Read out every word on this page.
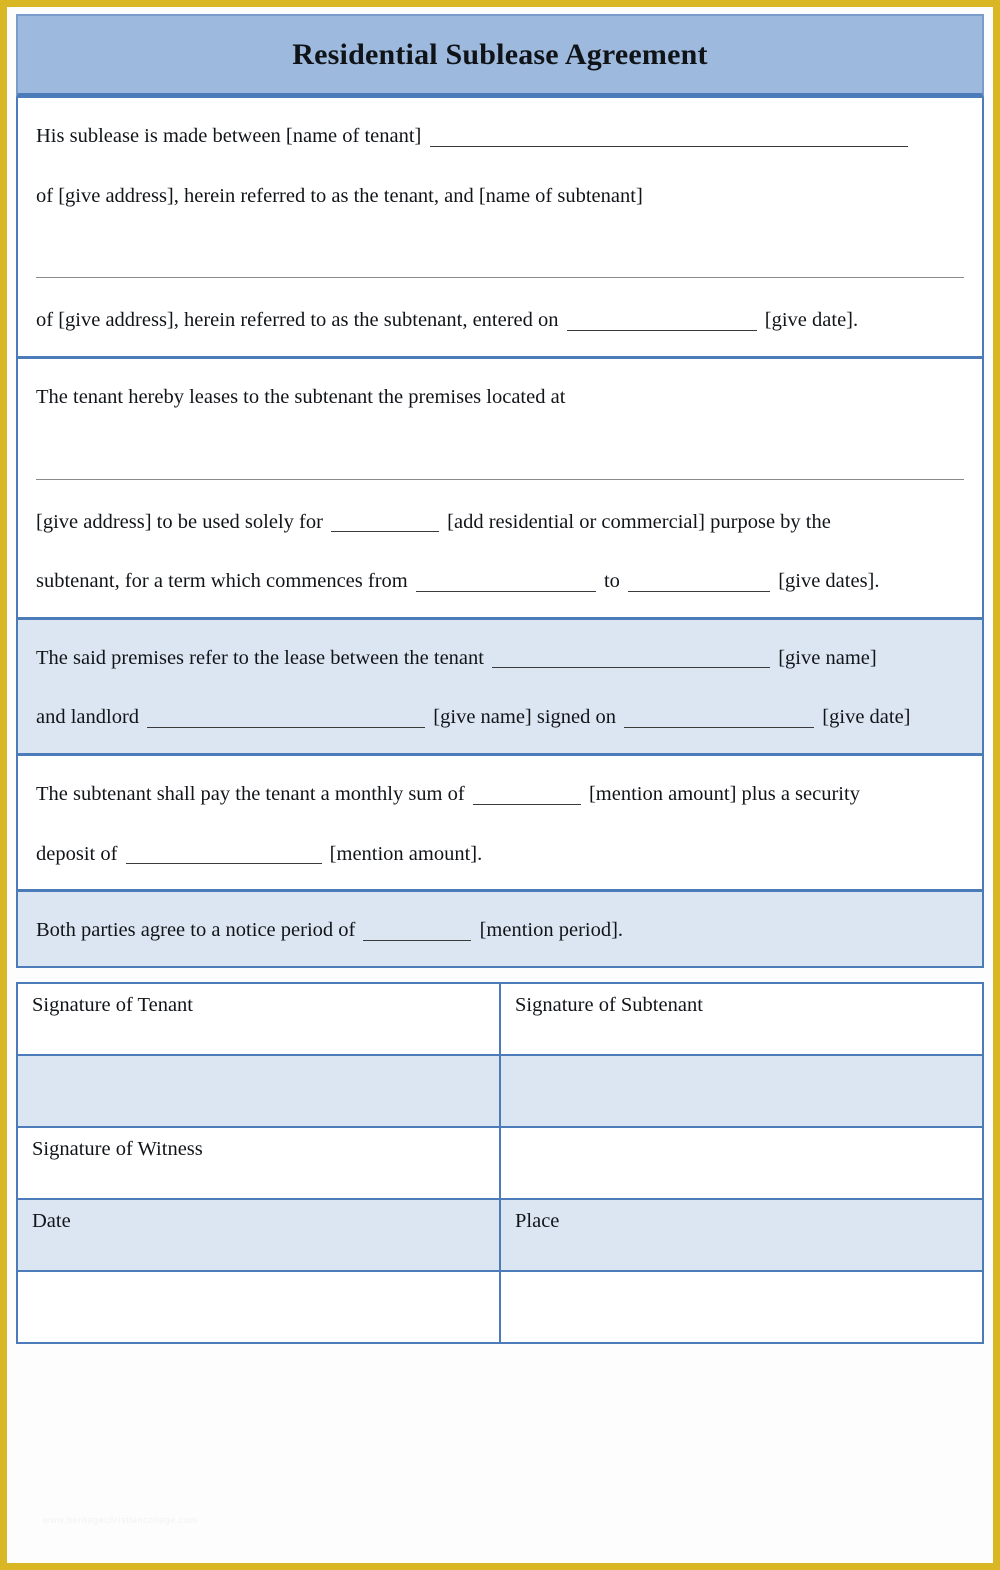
Residential Sublease Agreement

His sublease is made between [name of tenant]

of [give address], herein referred to as the tenant, and [name of subtenant]

of [give address], herein referred to as the subtenant, entered on	[give date].

The tenant hereby leases to the subtenant the premises located at

[give address] to be used solely for	[add residential or commercial] purpose by the

subtenant, for a term which commences from	to	[give dates].

The said premises refer to the lease between the tenant	[give name]

and landlord	[give name] signed on	[give date]

The subtenant shall pay the tenant a monthly sum of	[mention amount] plus a security

deposit of	[mention amount].

Both parties agree to a notice period of	[mention period].

Signature of Tenant	Signature of Subtenant

Signature of Witness	
Date	Place

www.heritagechristiancollege.com
